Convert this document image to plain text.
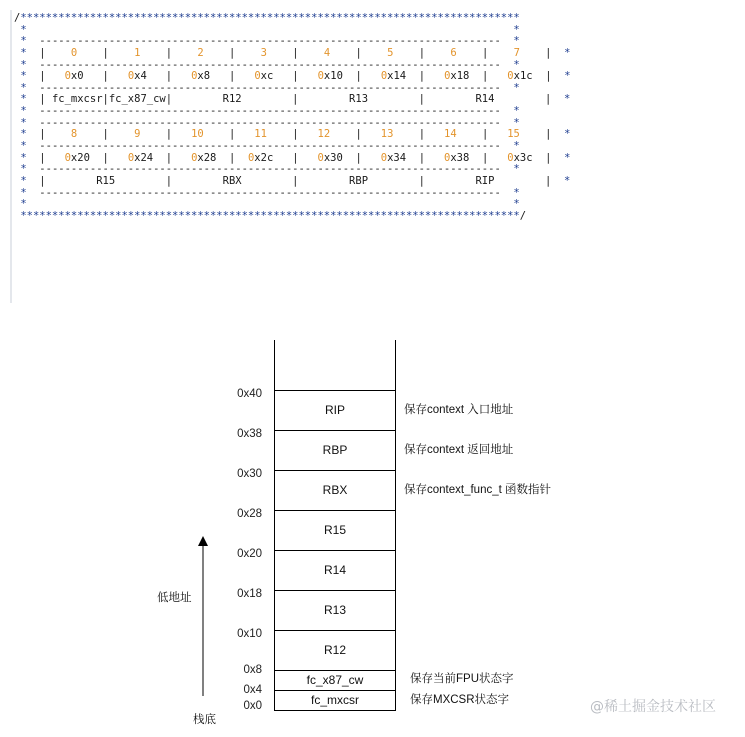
/*******************************************************************************
*	*
*  -------------------------------------------------------------------------  *
*  |    0    |    1    |    2    |    3    |    4    |    5    |    6    |    7    |  *
*  -------------------------------------------------------------------------  *
*  |   0x0   |   0x4   |   0x8   |   0xc   |   0x10  |   0x14  |   0x18  |   0x1c  |  *
*  -------------------------------------------------------------------------  *
*  | fc_mxcsr|fc_x87_cw|        R12        |        R13        |        R14        |  *
*  -------------------------------------------------------------------------  *
*  -------------------------------------------------------------------------  *
*  |    8    |    9    |   10    |   11    |   12    |   13    |   14    |   15    |  *
*  -------------------------------------------------------------------------  *
*  |   0x20  |   0x24  |   0x28  |  0x2c   |   0x30  |   0x34  |   0x38  |   0x3c  |  *
*  -------------------------------------------------------------------------  *
*  |        R15        |        RBX        |        RBP        |        RIP        |  *
*  -------------------------------------------------------------------------  *
*	*
*******************************************************************************/
RIP
RBP
RBX
R15
R14
R13
R12
fc_x87_cw
fc_mxcsr
0x40
0x38
0x30
0x28
0x20
0x18
0x10
0x8
0x4
0x0
保存context 入口地址
保存context 返回地址
保存context_func_t 函数指针
保存当前FPU状态字
保存MXCSR状态字
低地址
栈底
@稀土掘金技术社区
